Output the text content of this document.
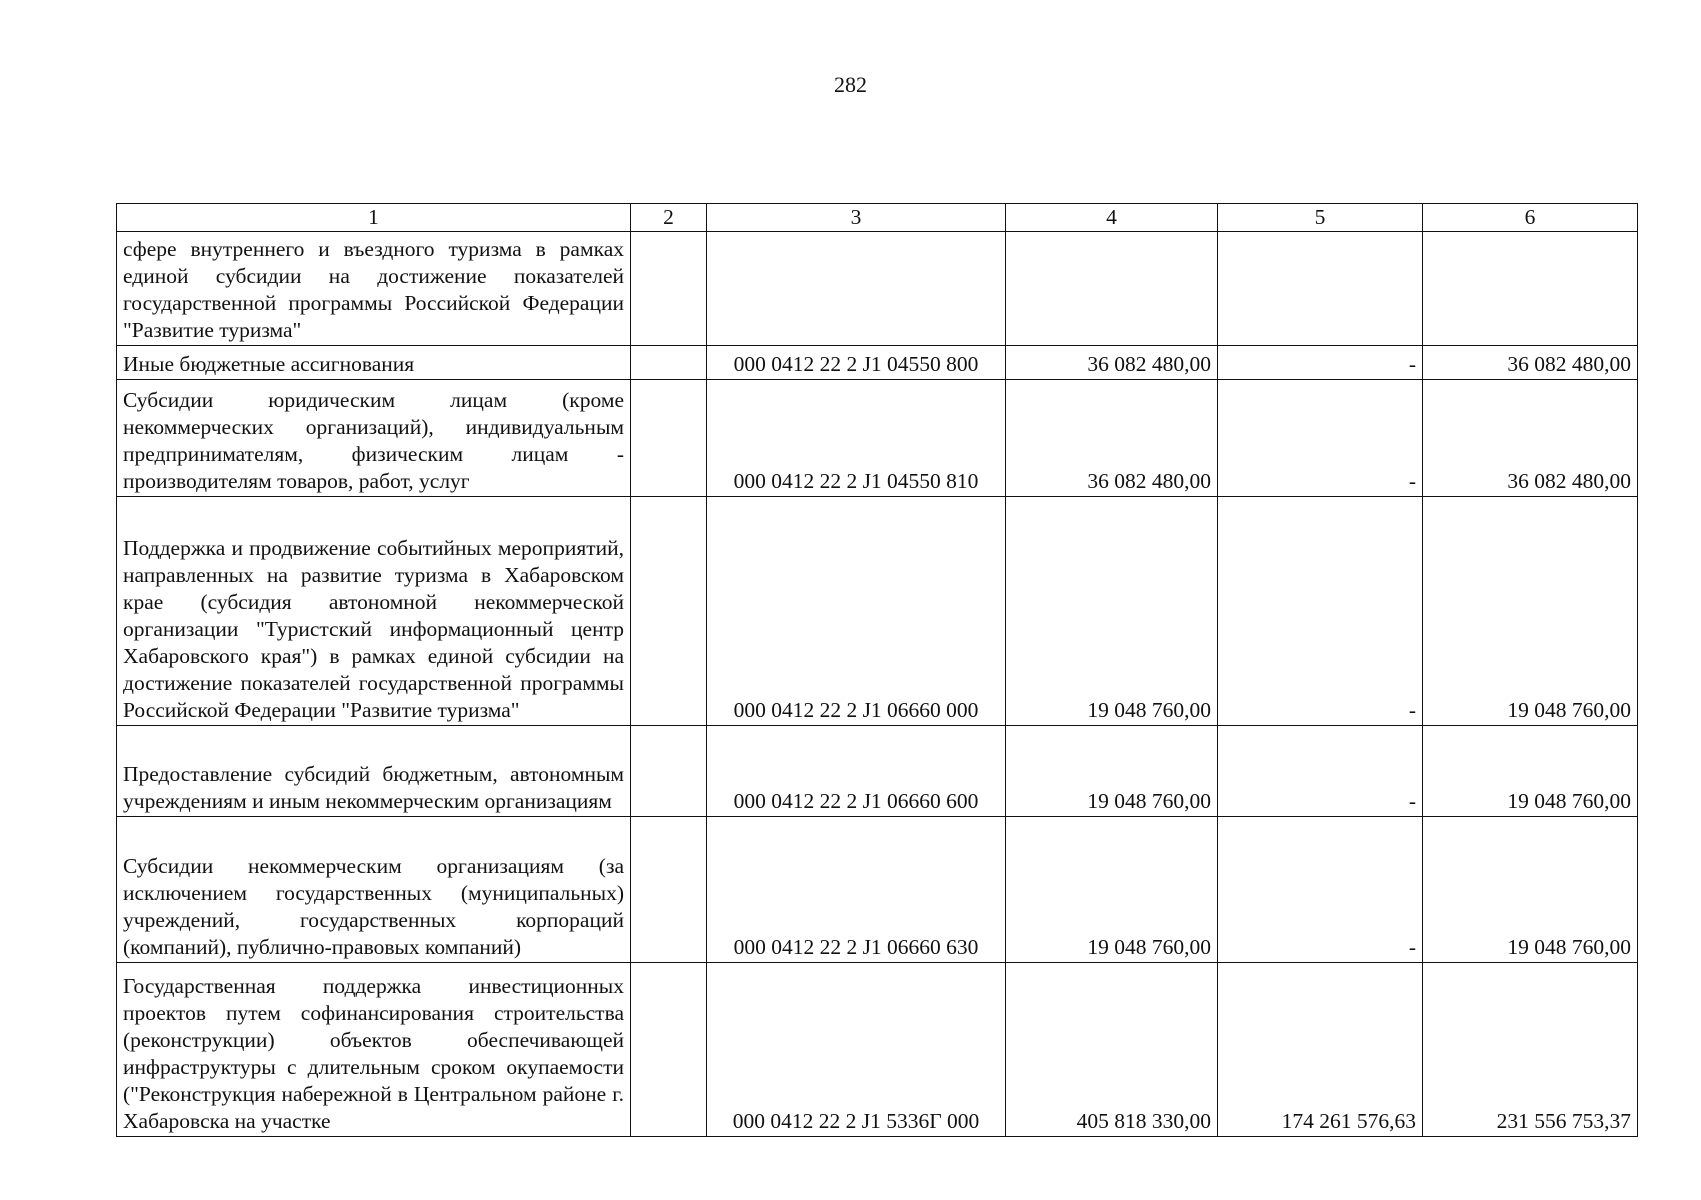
282
1	2	3	4	5	6
сфере внутреннего и въездного туризма в рамках единой субсидии на достижение показателей государственной программы Российской Федерации "Развитие туризма"					
Иные бюджетные ассигнования		000 0412 22 2 J1 04550 800	36 082 480,00	-	36 082 480,00
Субсидии юридическим лицам (кроме некоммерческих организаций), индивидуальным предпринимателям, физическим лицам - производителям товаров, работ, услуг		000 0412 22 2 J1 04550 810	36 082 480,00	-	36 082 480,00
Поддержка и продвижение событийных мероприятий, направленных на развитие туризма в Хабаровском крае (субсидия автономной некоммерческой организации "Туристский информационный центр Хабаровского края") в рамках единой субсидии на достижение показателей государственной программы Российской Федерации "Развитие туризма"		000 0412 22 2 J1 06660 000	19 048 760,00	-	19 048 760,00
Предоставление субсидий бюджетным, автономным учреждениям и иным некоммерческим организациям		000 0412 22 2 J1 06660 600	19 048 760,00	-	19 048 760,00
Субсидии некоммерческим организациям (за исключением государственных (муниципальных) учреждений, государственных корпораций (компаний), публично-правовых компаний)		000 0412 22 2 J1 06660 630	19 048 760,00	-	19 048 760,00
Государственная поддержка инвестиционных проектов путем софинансирования строительства (реконструкции) объектов обеспечивающей инфраструктуры с длительным сроком окупаемости ("Реконструкция набережной в Центральном районе г. Хабаровска на участке		000 0412 22 2 J1 5336Г 000	405 818 330,00	174 261 576,63	231 556 753,37
